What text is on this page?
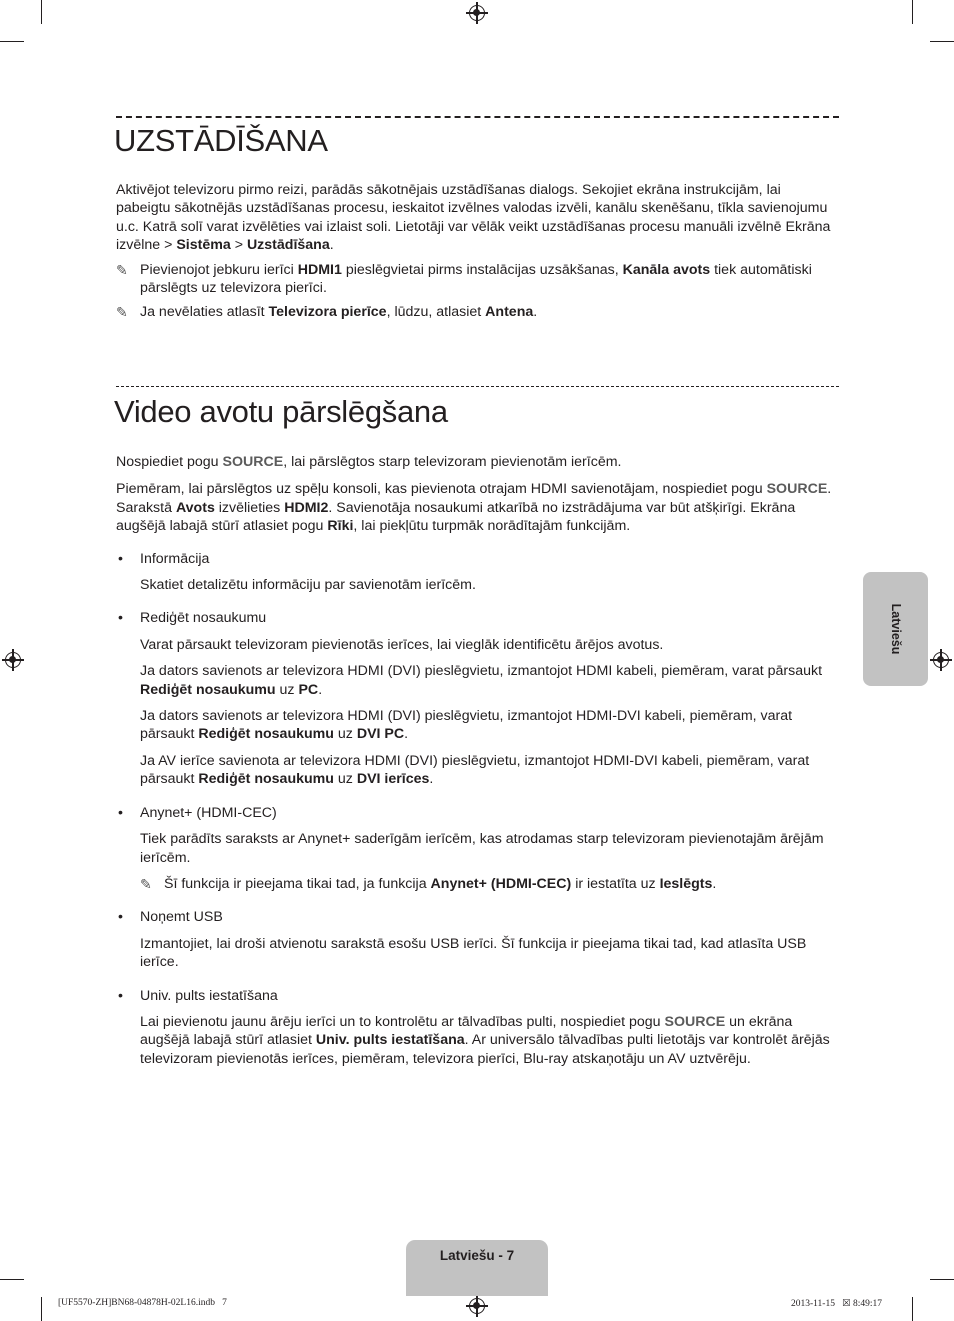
UZSTĀDĪŠANA

Aktivējot televizoru pirmo reizi, parādās sākotnējais uzstādīšanas dialogs. Sekojiet ekrāna instrukcijām, lai pabeigtu sākotnējās uzstādīšanas procesu, ieskaitot izvēlnes valodas izvēli, kanālu skenēšanu, tīkla savienojumu u.c. Katrā solī varat izvēlēties vai izlaist soli. Lietotāji var vēlāk veikt uzstādīšanas procesu manuāli izvēlnē Ekrāna izvēlne > Sistēma > Uzstādīšana.

✎ Pievienojot jebkuru ierīci HDMI1 pieslēgvietai pirms instalācijas uzsākšanas, Kanāla avots tiek automātiski pārslēgts uz televizora pierīci.
✎ Ja nevēlaties atlasīt Televizora pierīce, lūdzu, atlasiet Antena.
Video avotu pārslēgšana

Nospiediet pogu SOURCE, lai pārslēgtos starp televizoram pievienotām ierīcēm.

Piemēram, lai pārslēgtos uz spēļu konsoli, kas pievienota otrajam HDMI savienotājam, nospiediet pogu SOURCE. Sarakstā Avots izvēlieties HDMI2. Savienotāja nosaukumi atkarībā no izstrādājuma var būt atšķirīgi. Ekrāna augšējā labajā stūrī atlasiet pogu Rīki, lai piekļūtu turpmāk norādītajām funkcijām.

• Informācija

Skatiet detalizētu informāciju par savienotām ierīcēm.

• Rediģēt nosaukumu

Varat pārsaukt televizoram pievienotās ierīces, lai vieglāk identificētu ārējos avotus.

Ja dators savienots ar televizora HDMI (DVI) pieslēgvietu, izmantojot HDMI kabeli, piemēram, varat pārsaukt Rediģēt nosaukumu uz PC.

Ja dators savienots ar televizora HDMI (DVI) pieslēgvietu, izmantojot HDMI-DVI kabeli, piemēram, varat pārsaukt Rediģēt nosaukumu uz DVI PC.

Ja AV ierīce savienota ar televizora HDMI (DVI) pieslēgvietu, izmantojot HDMI-DVI kabeli, piemēram, varat pārsaukt Rediģēt nosaukumu uz DVI ierīces.

• Anynet+ (HDMI-CEC)

Tiek parādīts saraksts ar Anynet+ saderīgām ierīcēm, kas atrodamas starp televizoram pievienotajām ārējām ierīcēm.

✎ Šī funkcija ir pieejama tikai tad, ja funkcija Anynet+ (HDMI-CEC) ir iestatīta uz Ieslēgts.
• Noņemt USB

Izmantojiet, lai droši atvienotu sarakstā esošu USB ierīci. Šī funkcija ir pieejama tikai tad, kad atlasīta USB ierīce.

• Univ. pults iestatīšana

Lai pievienotu jaunu ārēju ierīci un to kontrolētu ar tālvadības pulti, nospiediet pogu SOURCE un ekrāna augšējā labajā stūrī atlasiet Univ. pults iestatīšana. Ar universālo tālvadības pulti lietotājs var kontrolēt ārējās televizoram pievienotās ierīces, piemēram, televizora pierīci, Blu-ray atskaņotāju un AV uztvērēju.

Latviešu
Latviešu - 7
[UF5570-ZH]BN68-04878H-02L16.indb   7	2013-11-15   ☒ 8:49:17
